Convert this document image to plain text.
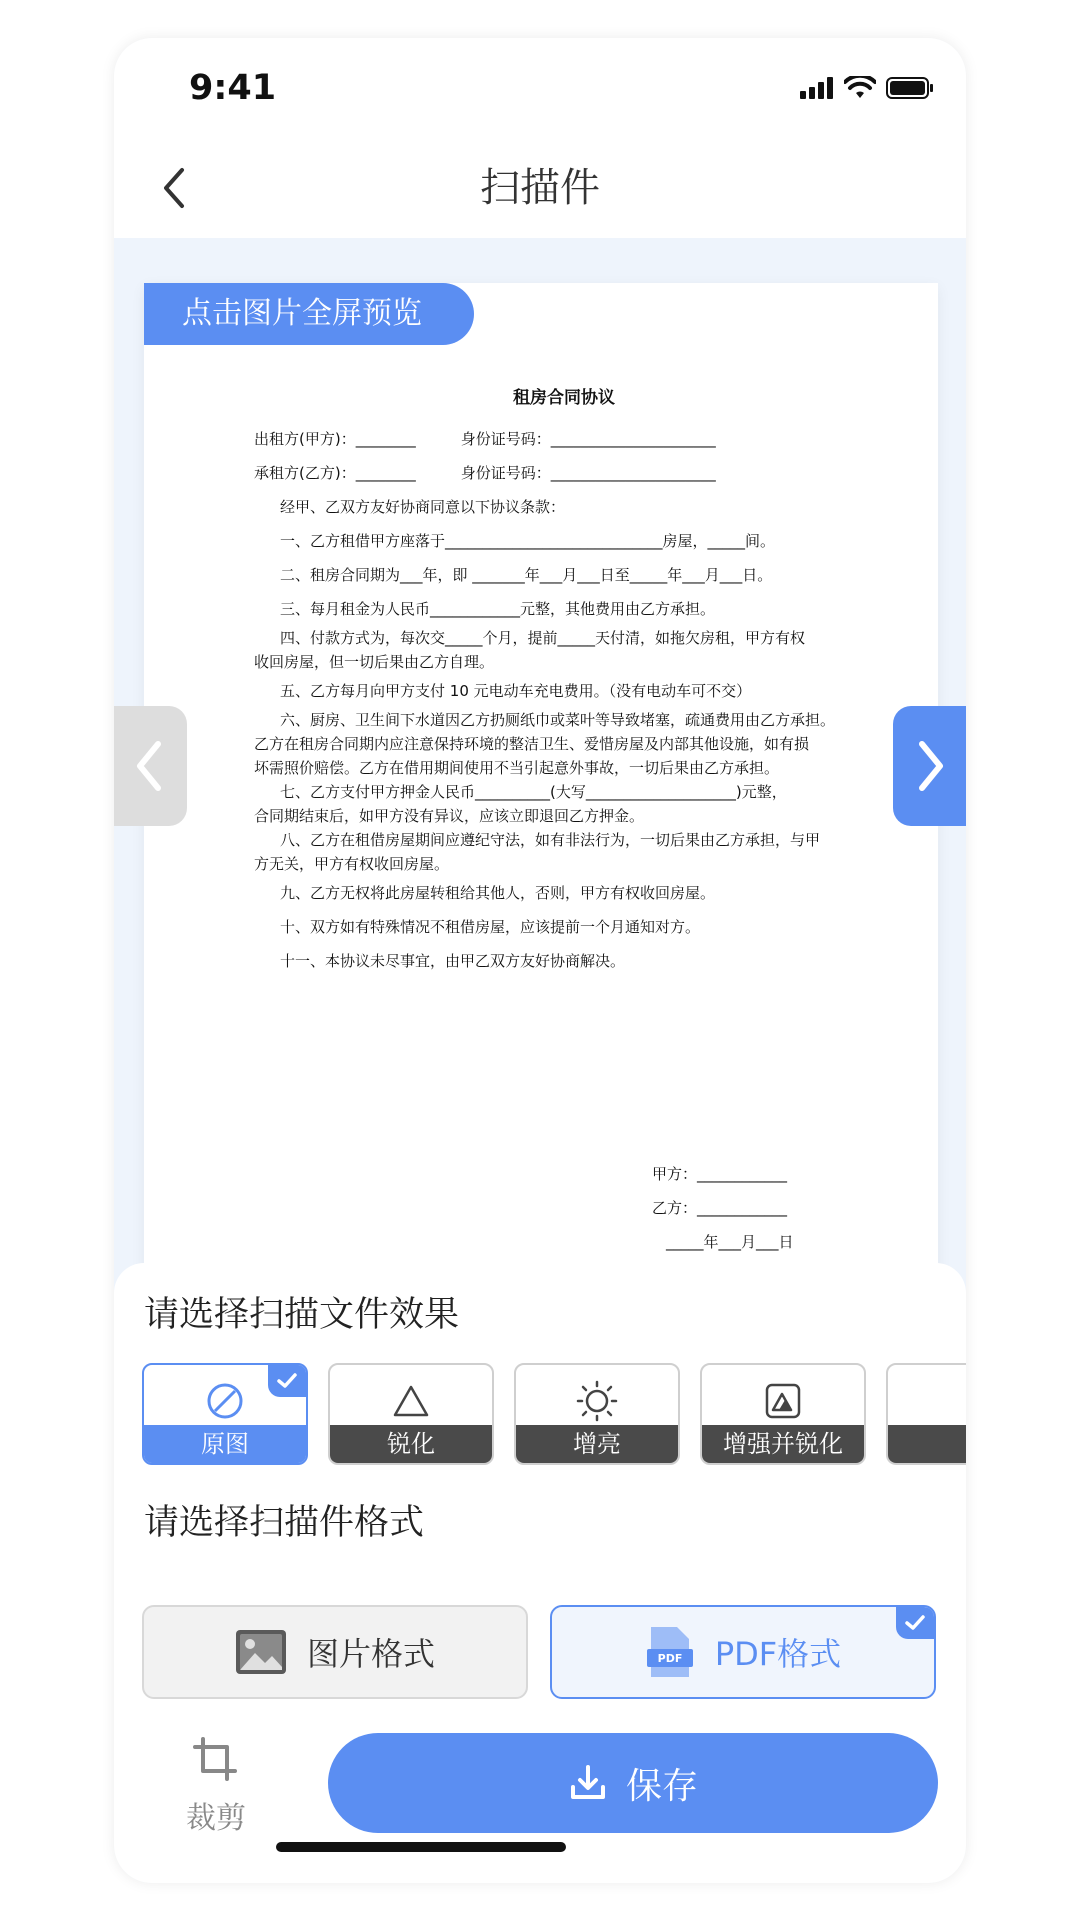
9:41
扫描件
点击图片全屏预览
租房合同协议
出租方(甲方)：________　　　身份证号码：______________________
承租方(乙方)：________　　　身份证号码：______________________
经甲、乙双方友好协商同意以下协议条款：
一、乙方租借甲方座落于_____________________________房屋，_____间。
二、租房合同期为___年，即 _______年___月___日至_____年___月___日。
三、每月租金为人民币____________元整，其他费用由乙方承担。
四、付款方式为，每次交_____个月，提前_____天付清，如拖欠房租，甲方有权
收回房屋，但一切后果由乙方自理。
五、乙方每月向甲方支付 10 元电动车充电费用。（没有电动车可不交）
六、厨房、卫生间下水道因乙方扔厕纸巾或菜叶等导致堵塞，疏通费用由乙方承担。
乙方在租房合同期内应注意保持环境的整洁卫生、爱惜房屋及内部其他设施，如有损
坏需照价赔偿。乙方在借用期间使用不当引起意外事故，一切后果由乙方承担。
七、乙方支付甲方押金人民币__________(大写____________________)元整，
合同期结束后，如甲方没有异议，应该立即退回乙方押金。
八、乙方在租借房屋期间应遵纪守法，如有非法行为，一切后果由乙方承担，与甲
方无关，甲方有权收回房屋。
九、乙方无权将此房屋转租给其他人，否则，甲方有权收回房屋。
十、双方如有特殊情况不租借房屋，应该提前一个月通知对方。
十一、本协议未尽事宜，由甲乙双方友好协商解决。
甲方：____________
乙方：____________
_____年___月___日
请选择扫描文件效果
原图	锐化	增亮	增强并锐化
请选择扫描件格式
图片格式	PDF PDF格式
裁剪
保存
